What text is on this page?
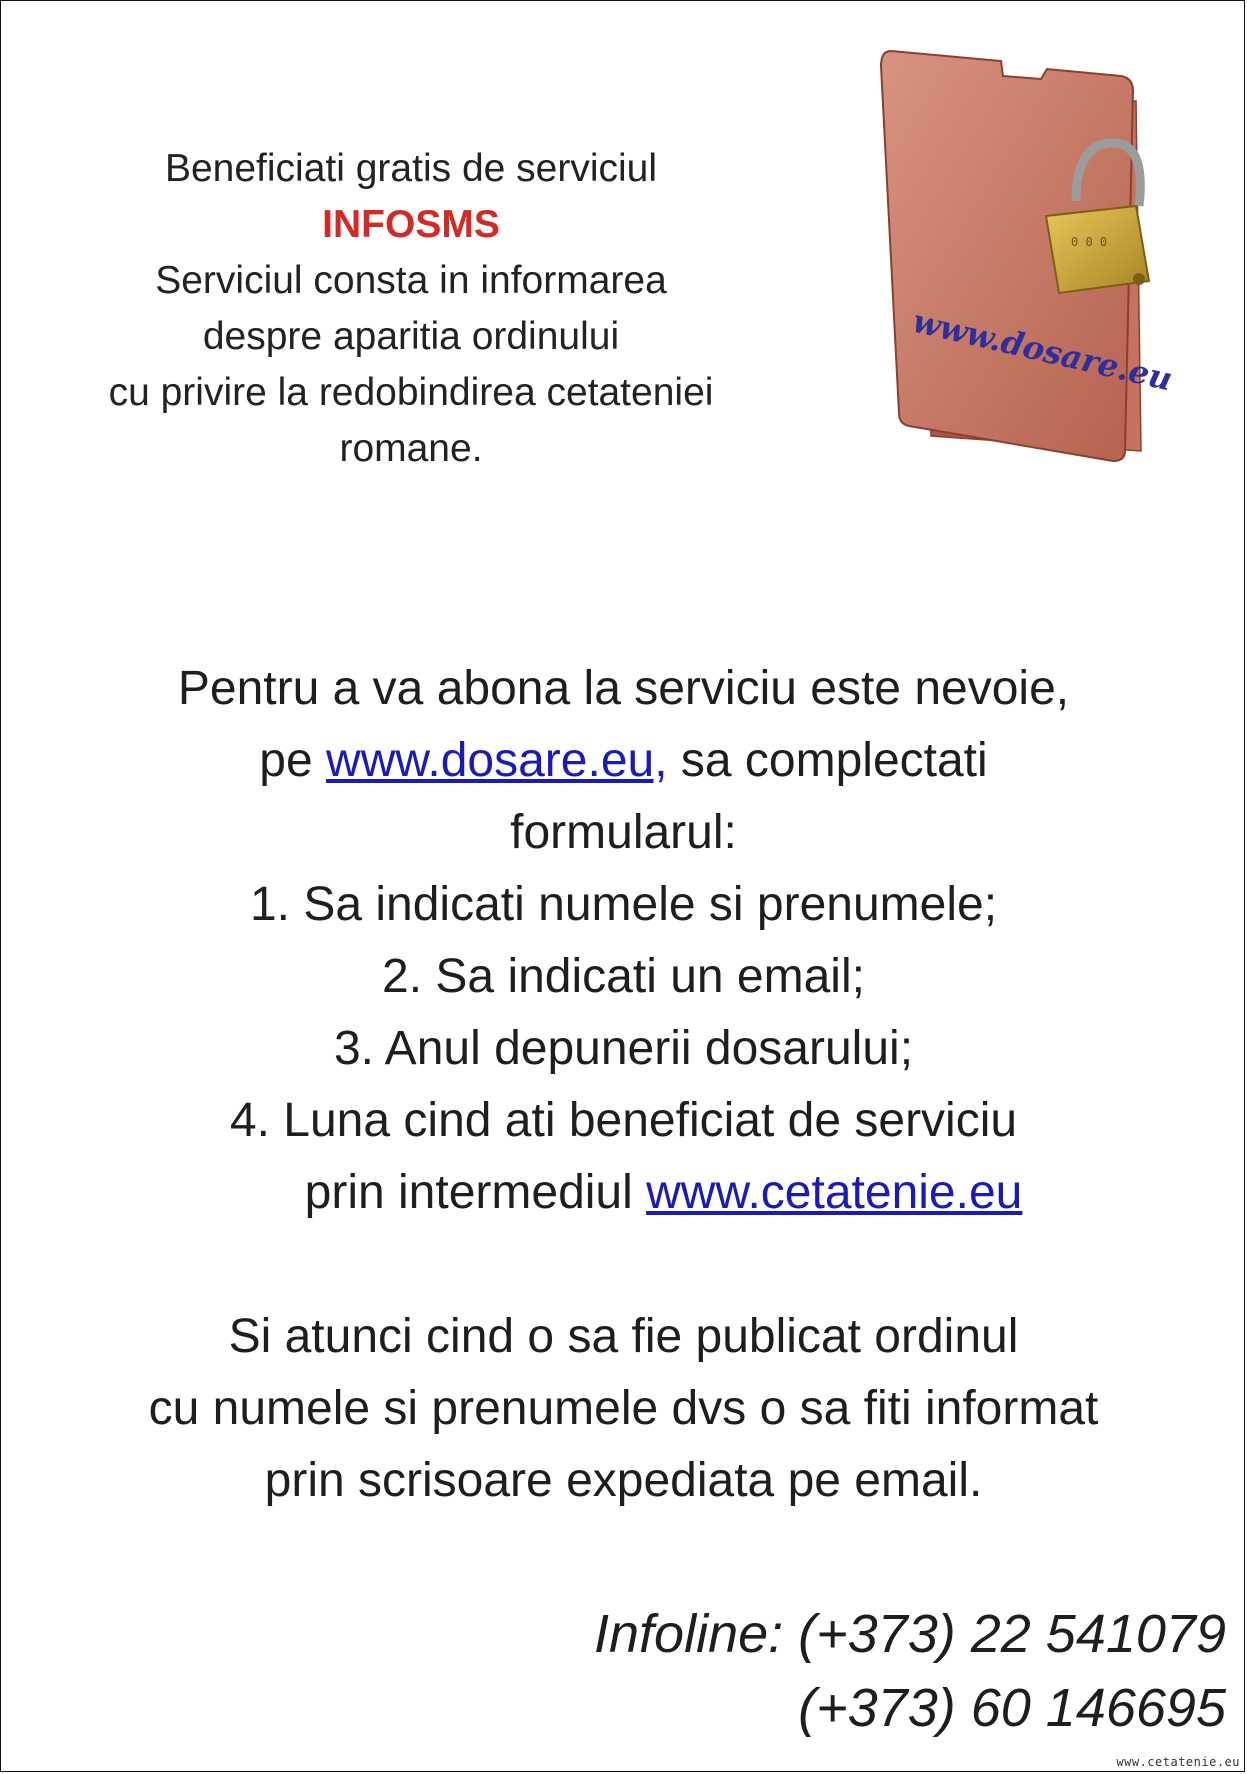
Beneficiati gratis de serviciul
INFOSMS
Serviciul consta in informarea
despre aparitia ordinului
cu privire la redobindirea cetateniei
romane.
www.dosare.eu
0 0 0
Pentru a va abona la serviciu este nevoie,
pe www.dosare.eu, sa complectati
formularul:
1. Sa indicati numele si prenumele;
2. Sa indicati un email;
3. Anul depunerii dosarului;
4. Luna cind ati beneficiat de serviciu
prin intermediul www.cetatenie.eu
Si atunci cind o sa fie publicat ordinul
cu numele si prenumele dvs o sa fiti informat
prin scrisoare expediata pe email.
Infoline: (+373) 22 541079
(+373) 60 146695
www.cetatenie.eu
